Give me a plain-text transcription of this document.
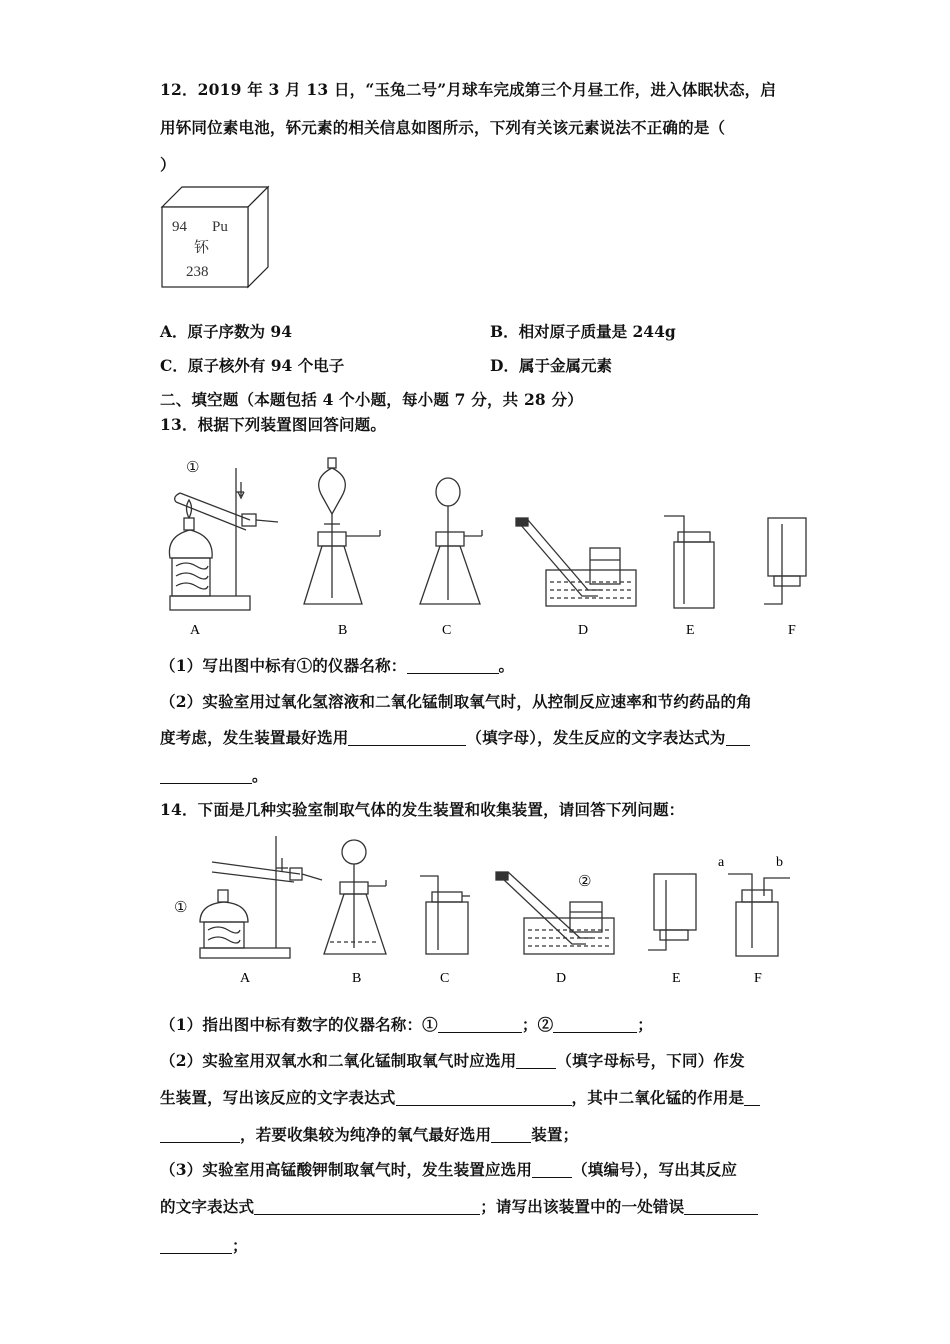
12．2019 年 3 月 13 日，“玉兔二号”月球车完成第三个月昼工作，进入体眠状态，启
用钚同位素电池，钚元素的相关信息如图所示，下列有关该元素说法不正确的是（
）
94 Pu
钚
238
A．原子序数为 94	B．相对原子质量是 244g
C．原子核外有 94 个电子	D．属于金属元素
二、填空题（本题包括 4 个小题，每小题 7 分，共 28 分）
13．根据下列装置图回答问题。
①
A	B	C	D	E	F
（1）写出图中标有①的仪器名称：	。
（2）实验室用过氧化氢溶液和二氧化锰制取氧气时，从控制反应速率和节约药品的角
度考虑，发生装置最好选用	（填字母），发生反应的文字表达式为
。
14．下面是几种实验室制取气体的发生装置和收集装置，请回答下列问题：
①
②
a	b
A	B	C	D	E	F
（1）指出图中标有数字的仪器名称：①	；②	；
（2）实验室用双氧水和二氧化锰制取氧气时应选用	（填字母标号，下同）作发
生装置，写出该反应的文字表达式	，其中二氧化锰的作用是
，若要收集较为纯净的氧气最好选用	装置；
（3）实验室用高锰酸钾制取氧气时，发生装置应选用	（填编号），写出其反应
的文字表达式	；请写出该装置中的一处错误
；
